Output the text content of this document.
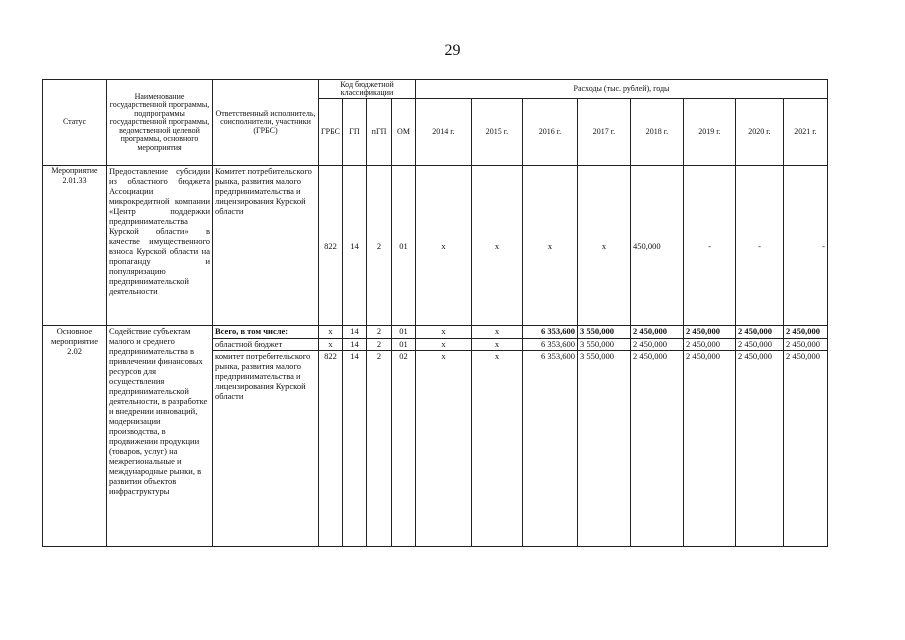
29
Статус	Наименование государственной программы, подпрограммы государственной программы, ведомственной целевой программы, основного мероприятия	Ответственный исполнитель, соисполнители, участники (ГРБС)	Код бюджетной классификации				Расходы (тыс. рублей), годы							
			ГРБС	ГП	пГП	ОМ	2014 г.	2015 г.	2016 г.	2017 г.	2018 г.	2019 г.	2020 г.	2021 г.
Мероприятие 2.01.33	Предоставление субсидии из областного бюджета Ассоциации микрокредитной компании «Центр поддержки предпринимательства Курской области» в качестве имущественного взноса Курской области на пропаганду и популяризацию предпринимательской деятельности	Комитет потребительского рынка, развития малого предпринимательства и лицензирования Курской области	822	14	2	01	x	x	x	x	450,000	-	-	-
Основное мероприятие 2.02	Содействие субъектам малого и среднего предпринимательства в привлечении финансовых ресурсов для осуществления предпринимательской деятельности, в разработке и внедрении инноваций, модернизации производства, в продвижении продукции (товаров, услуг) на межрегиональные и международные рынки, в развитии объектов инфраструктуры	Всего, в том числе:	x	14	2	01	x	x	6 353,600	3 550,000	2 450,000	2 450,000	2 450,000	2 450,000
		областной бюджет	x	14	2	01	x	x	6 353,600	3 550,000	2 450,000	2 450,000	2 450,000	2 450,000
		комитет потребительского рынка, развития малого предпринимательства и лицензирования Курской области	822	14	2	02	x	x	6 353,600	3 550,000	2 450,000	2 450,000	2 450,000	2 450,000
